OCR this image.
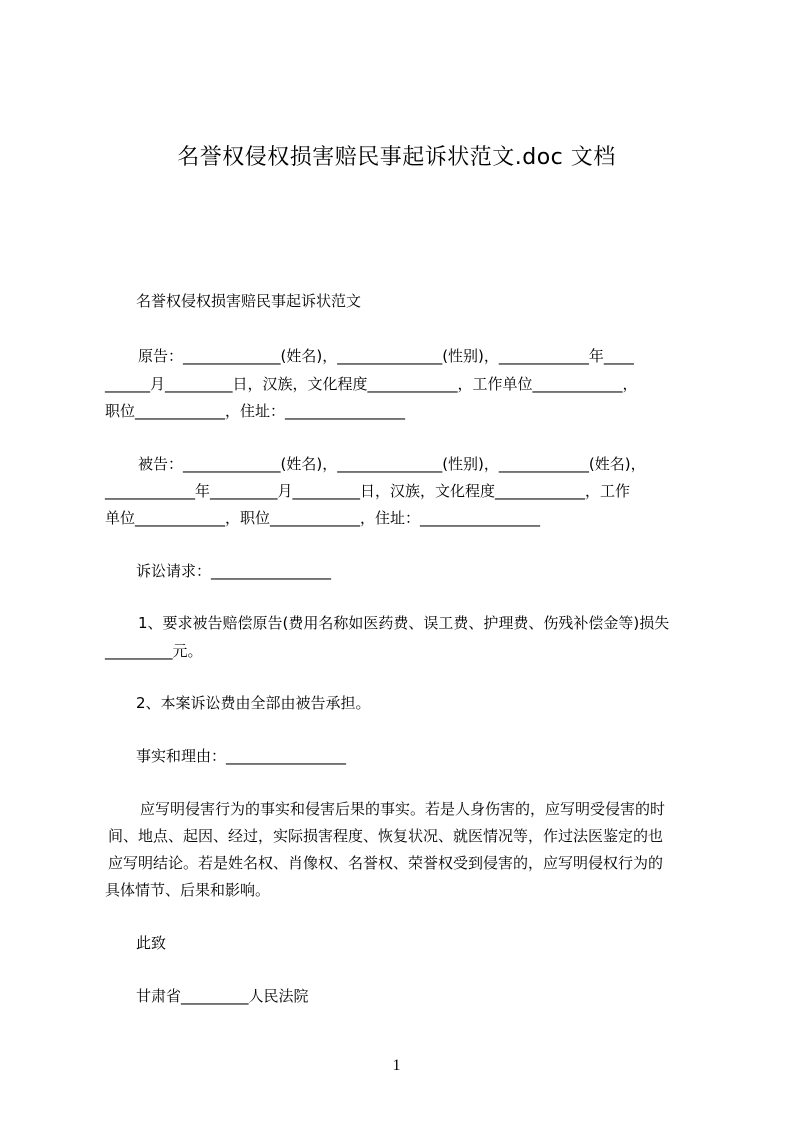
名誉权侵权损害赔民事起诉状范文.doc 文档
名誉权侵权损害赔民事起诉状范文
原告：_____________(姓名)，______________(性别)，____________年____
______月_________日，汉族，文化程度____________，工作单位____________，
职位____________，住址：________________
被告：_____________(姓名)，______________(性别)，____________(姓名)，
____________年_________月_________日，汉族，文化程度____________，工作
单位____________，职位____________，住址：________________
诉讼请求：________________
1、要求被告赔偿原告(费用名称如医药费、误工费、护理费、伤残补偿金等)损失
_________元。
2、本案诉讼费由全部由被告承担。
事实和理由：________________
应写明侵害行为的事实和侵害后果的事实。若是人身伤害的，应写明受侵害的时
间、地点、起因、经过，实际损害程度、恢复状况、就医情况等，作过法医鉴定的也
应写明结论。若是姓名权、肖像权、名誉权、荣誉权受到侵害的，应写明侵权行为的
具体情节、后果和影响。
此致
甘肃省_________人民法院
1
